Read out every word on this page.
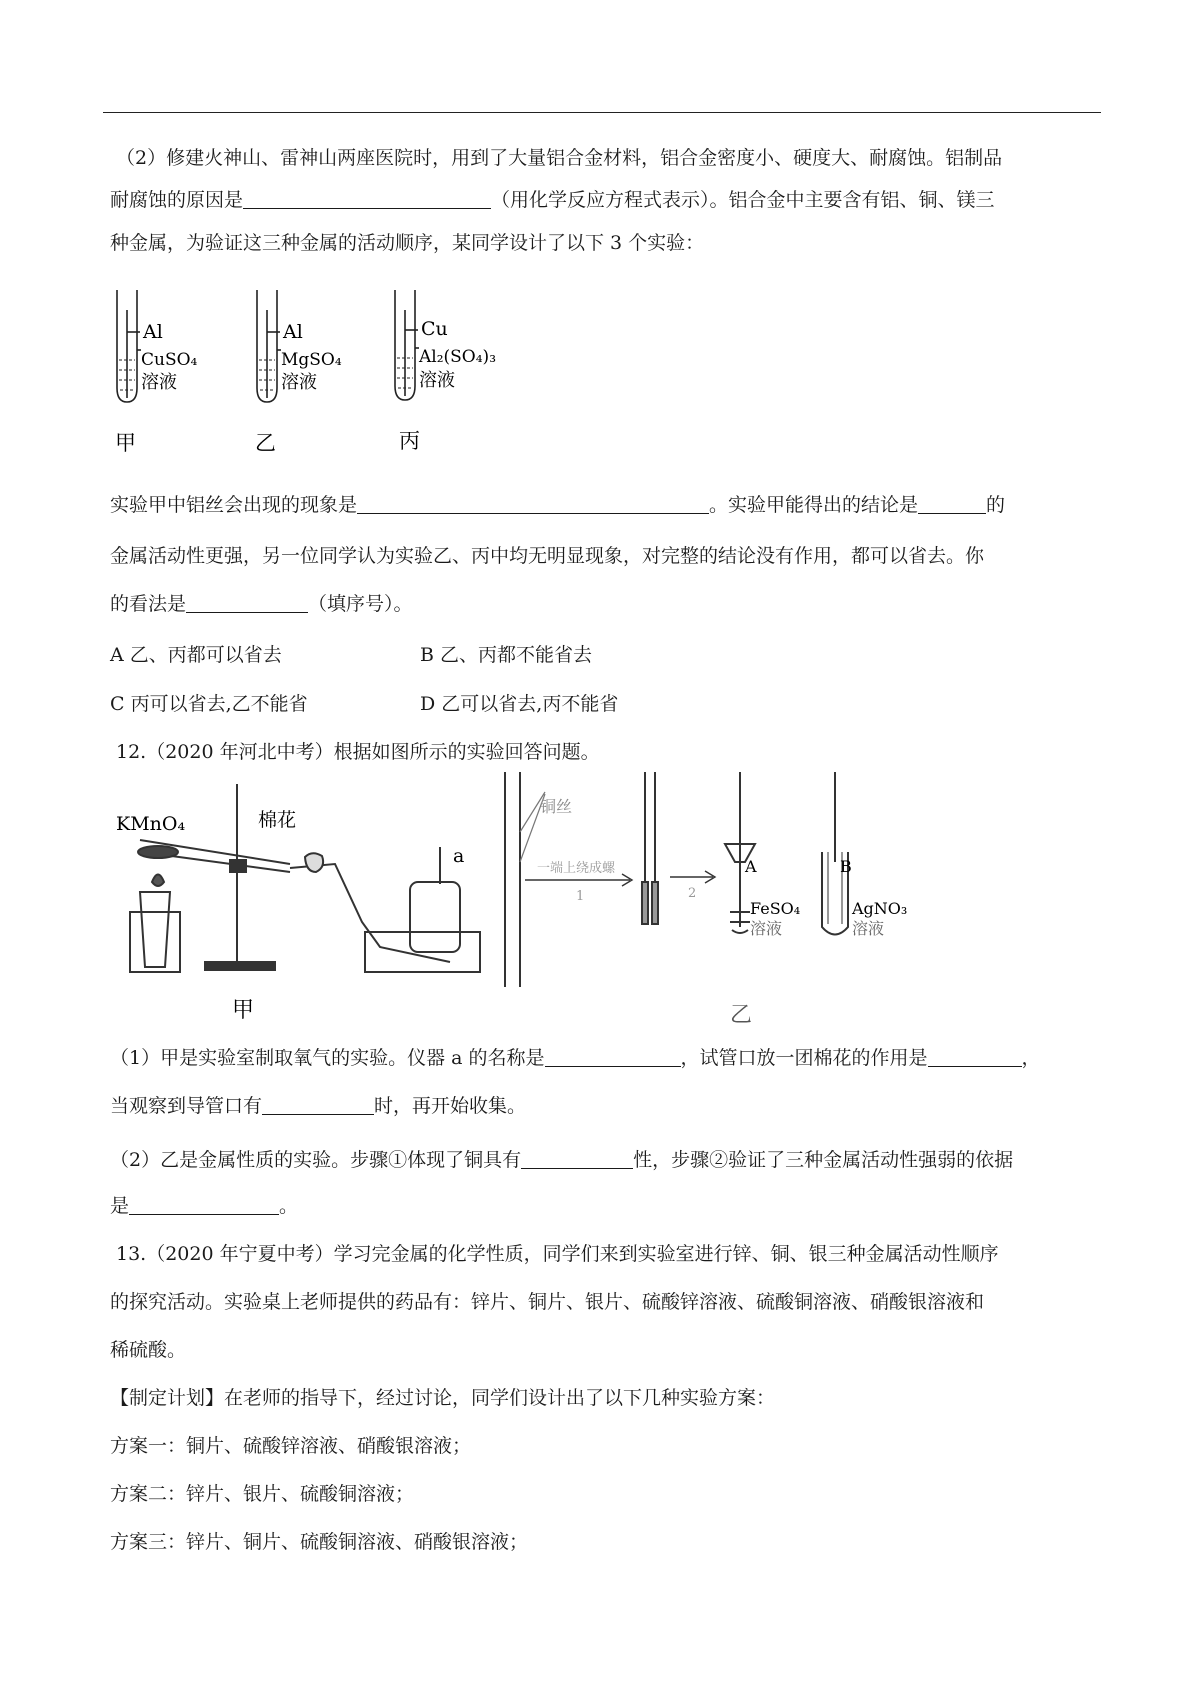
（2）修建火神山、雷神山两座医院时，用到了大量铝合金材料，铝合金密度小、硬度大、耐腐蚀。铝制品
耐腐蚀的原因是	（用化学反应方程式表示）。铝合金中主要含有铝、铜、镁三
种金属，为验证这三种金属的活动顺序，某同学设计了以下 3 个实验：
Al
CuSO₄
溶液
甲
Al
MgSO₄
溶液
乙
Cu
Al₂(SO₄)₃
溶液
丙
实验甲中铝丝会出现的现象是	。实验甲能得出的结论是	的
金属活动性更强，另一位同学认为实验乙、丙中均无明显现象，对完整的结论没有作用，都可以省去。你
的看法是	（填序号）。
A 乙、丙都可以省去	B 乙、丙都不能省去
C 丙可以省去,乙不能省	D 乙可以省去,丙不能省
12.（2020 年河北中考）根据如图所示的实验回答问题。
KMnO₄	棉花
a
甲
铜丝
一端上绕成螺
1	2
A	B
FeSO₄
溶液
AgNO₃
溶液
乙
（1）甲是实验室制取氧气的实验。仪器 a 的名称是	，试管口放一团棉花的作用是	，
当观察到导管口有	时，再开始收集。
（2）乙是金属性质的实验。步骤①体现了铜具有	性，步骤②验证了三种金属活动性强弱的依据
是	。
13.（2020 年宁夏中考）学习完金属的化学性质，同学们来到实验室进行锌、铜、银三种金属活动性顺序
的探究活动。实验桌上老师提供的药品有：锌片、铜片、银片、硫酸锌溶液、硫酸铜溶液、硝酸银溶液和
稀硫酸。
【制定计划】在老师的指导下，经过讨论，同学们设计出了以下几种实验方案：
方案一：铜片、硫酸锌溶液、硝酸银溶液；
方案二：锌片、银片、硫酸铜溶液；
方案三：锌片、铜片、硫酸铜溶液、硝酸银溶液；
